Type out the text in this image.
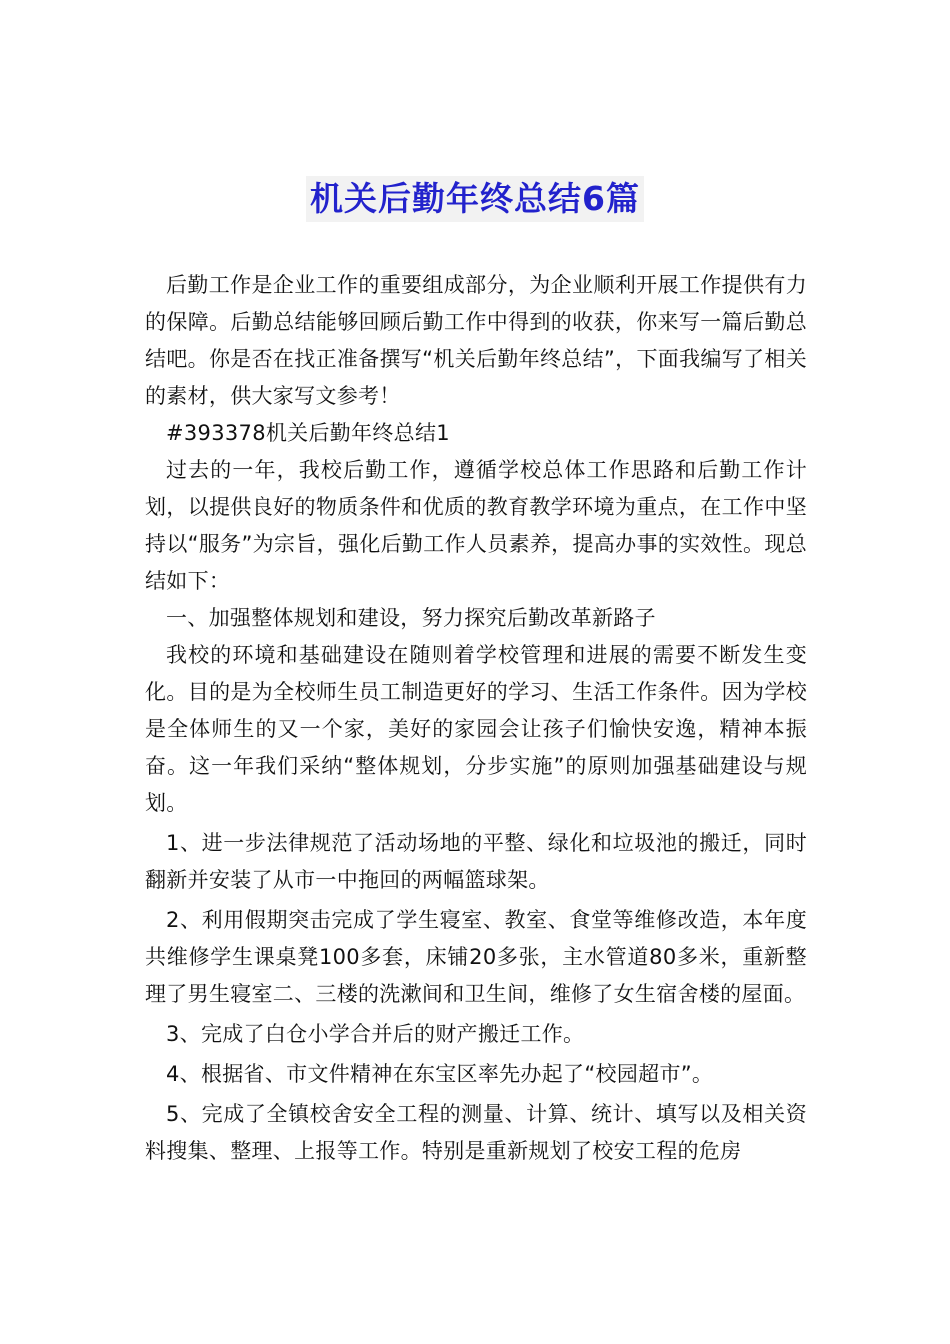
机关后勤年终总结6篇

后勤工作是企业工作的重要组成部分，为企业顺利开展工作提供有力的保障。后勤总结能够回顾后勤工作中得到的收获，你来写一篇后勤总结吧。你是否在找正准备撰写“机关后勤年终总结”，下面我编写了相关的素材，供大家写文参考！

#393378机关后勤年终总结1

过去的一年，我校后勤工作，遵循学校总体工作思路和后勤工作计划，以提供良好的物质条件和优质的教育教学环境为重点，在工作中坚持以“服务”为宗旨，强化后勤工作人员素养，提高办事的实效性。现总结如下：

一、加强整体规划和建设，努力探究后勤改革新路子

我校的环境和基础建设在随则着学校管理和进展的需要不断发生变化。目的是为全校师生员工制造更好的学习、生活工作条件。因为学校是全体师生的又一个家，美好的家园会让孩子们愉快安逸，精神本振奋。这一年我们采纳“整体规划，分步实施”的原则加强基础建设与规划。

1、进一步法律规范了活动场地的平整、绿化和垃圾池的搬迁，同时翻新并安装了从市一中拖回的两幅篮球架。

2、利用假期突击完成了学生寝室、教室、食堂等维修改造，本年度共维修学生课桌凳100多套，床铺20多张，主水管道80多米，重新整理了男生寝室二、三楼的洗漱间和卫生间，维修了女生宿舍楼的屋面。

3、完成了白仓小学合并后的财产搬迁工作。

4、根据省、市文件精神在东宝区率先办起了“校园超市”。

5、完成了全镇校舍安全工程的测量、计算、统计、填写以及相关资料搜集、整理、上报等工作。特别是重新规划了校安工程的危房
